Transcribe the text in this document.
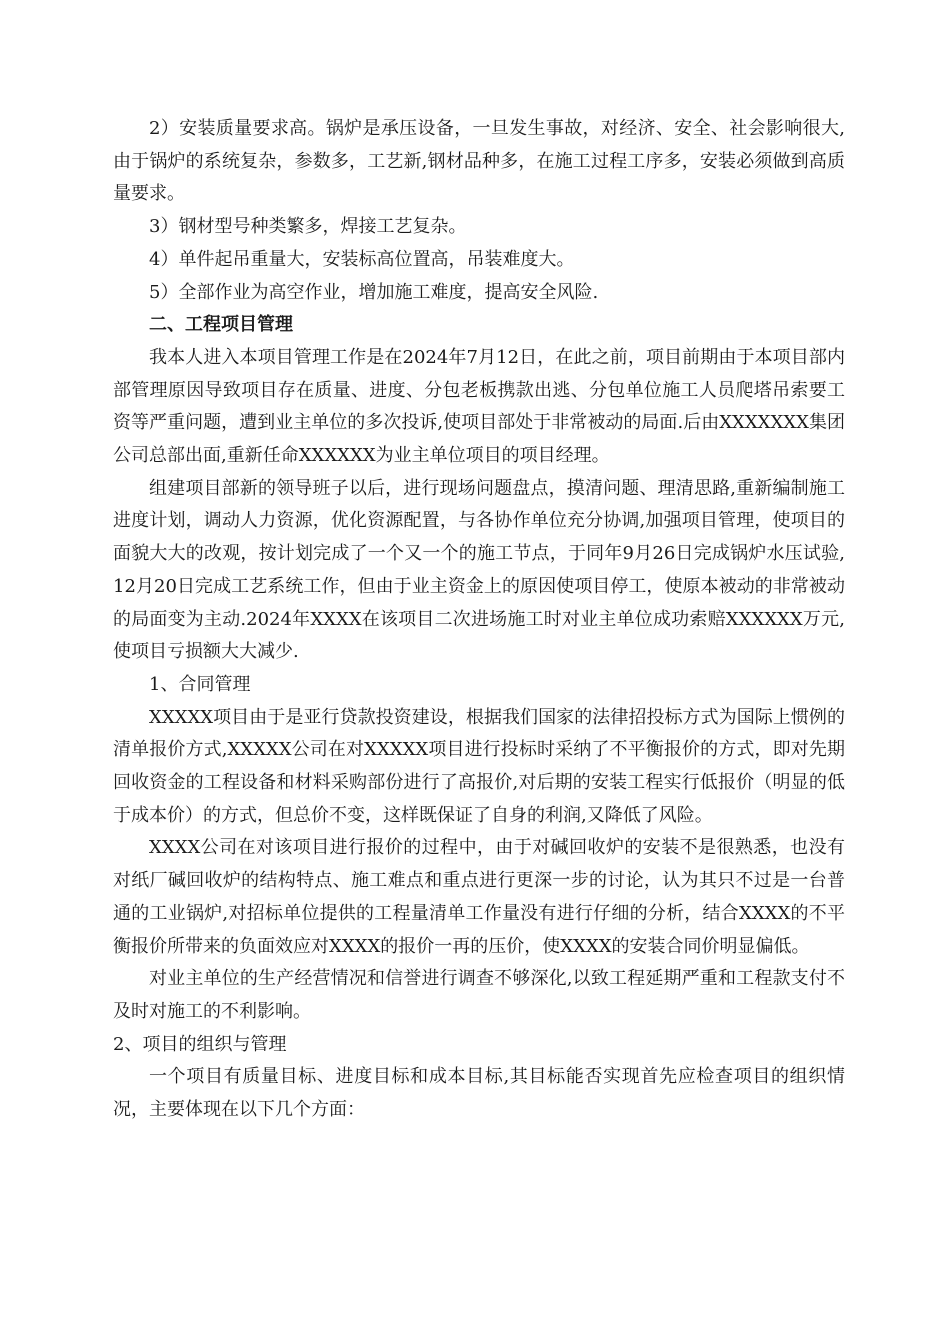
2）安装质量要求高。锅炉是承压设备，一旦发生事故，对经济、安全、社会影响很大,由于锅炉的系统复杂，参数多，工艺新,钢材品种多，在施工过程工序多，安装必须做到高质量要求。

3）钢材型号种类繁多，焊接工艺复杂。

4）单件起吊重量大，安装标高位置高，吊装难度大。

5）全部作业为高空作业，增加施工难度，提高安全风险.

二、工程项目管理

我本人进入本项目管理工作是在2024年7月12日，在此之前，项目前期由于本项目部内部管理原因导致项目存在质量、进度、分包老板携款出逃、分包单位施工人员爬塔吊索要工资等严重问题，遭到业主单位的多次投诉,使项目部处于非常被动的局面.后由XXXXXXX集团公司总部出面,重新任命XXXXXX为业主单位项目的项目经理。

组建项目部新的领导班子以后，进行现场问题盘点，摸清问题、理清思路,重新编制施工进度计划，调动人力资源，优化资源配置，与各协作单位充分协调,加强项目管理，使项目的面貌大大的改观，按计划完成了一个又一个的施工节点，于同年9月26日完成锅炉水压试验,12月20日完成工艺系统工作，但由于业主资金上的原因使项目停工，使原本被动的非常被动的局面变为主动.2024年XXXX在该项目二次进场施工时对业主单位成功索赔XXXXXX万元,使项目亏损额大大减少.

1、合同管理

XXXXX项目由于是亚行贷款投资建设，根据我们国家的法律招投标方式为国际上惯例的清单报价方式,XXXXX公司在对XXXXX项目进行投标时采纳了不平衡报价的方式，即对先期回收资金的工程设备和材料采购部份进行了高报价,对后期的安装工程实行低报价（明显的低于成本价）的方式，但总价不变，这样既保证了自身的利润,又降低了风险。

XXXX公司在对该项目进行报价的过程中，由于对碱回收炉的安装不是很熟悉，也没有对纸厂碱回收炉的结构特点、施工难点和重点进行更深一步的讨论，认为其只不过是一台普通的工业锅炉,对招标单位提供的工程量清单工作量没有进行仔细的分析，结合XXXX的不平衡报价所带来的负面效应对XXXX的报价一再的压价，使XXXX的安装合同价明显偏低。

对业主单位的生产经营情况和信誉进行调查不够深化,以致工程延期严重和工程款支付不及时对施工的不利影响。

2、项目的组织与管理

一个项目有质量目标、进度目标和成本目标,其目标能否实现首先应检查项目的组织情况，主要体现在以下几个方面：
